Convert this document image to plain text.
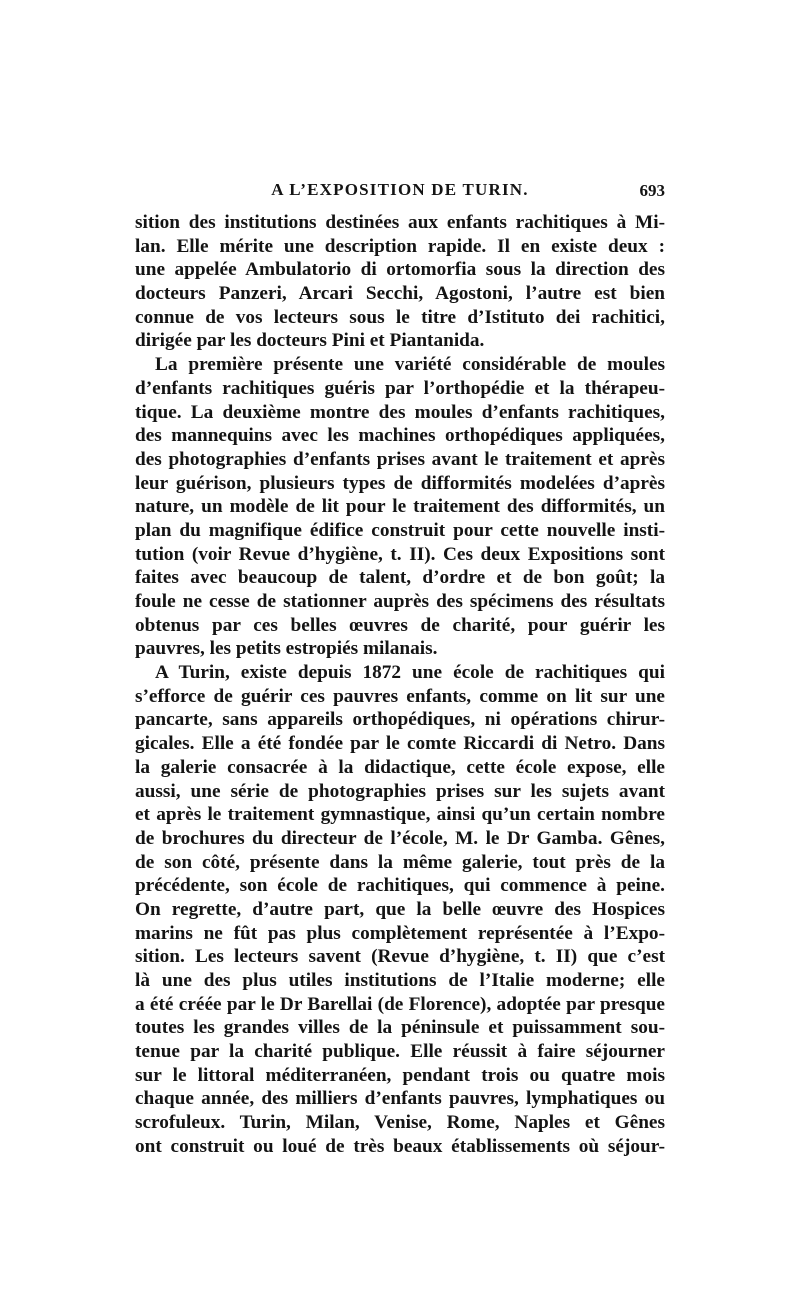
A L’EXPOSITION DE TURIN.	693
sition des institutions destinées aux enfants rachitiques à Mi-
lan. Elle mérite une description rapide. Il en existe deux :
une appelée Ambulatorio di ortomorfia sous la direction des
docteurs Panzeri, Arcari Secchi, Agostoni, l’autre est bien
connue de vos lecteurs sous le titre d’Istituto dei rachitici,
dirigée par les docteurs Pini et Piantanida.
La première présente une variété considérable de moules
d’enfants rachitiques guéris par l’orthopédie et la thérapeu-
tique. La deuxième montre des moules d’enfants rachitiques,
des mannequins avec les machines orthopédiques appliquées,
des photographies d’enfants prises avant le traitement et après
leur guérison, plusieurs types de difformités modelées d’après
nature, un modèle de lit pour le traitement des difformités, un
plan du magnifique édifice construit pour cette nouvelle insti-
tution (voir Revue d’hygiène, t. II). Ces deux Expositions sont
faites avec beaucoup de talent, d’ordre et de bon goût; la
foule ne cesse de stationner auprès des spécimens des résultats
obtenus par ces belles œuvres de charité, pour guérir les
pauvres, les petits estropiés milanais.
A Turin, existe depuis 1872 une école de rachitiques qui
s’efforce de guérir ces pauvres enfants, comme on lit sur une
pancarte, sans appareils orthopédiques, ni opérations chirur-
gicales. Elle a été fondée par le comte Riccardi di Netro. Dans
la galerie consacrée à la didactique, cette école expose, elle
aussi, une série de photographies prises sur les sujets avant
et après le traitement gymnastique, ainsi qu’un certain nombre
de brochures du directeur de l’école, M. le Dr Gamba. Gênes,
de son côté, présente dans la même galerie, tout près de la
précédente, son école de rachitiques, qui commence à peine.
On regrette, d’autre part, que la belle œuvre des Hospices
marins ne fût pas plus complètement représentée à l’Expo-
sition. Les lecteurs savent (Revue d’hygiène, t. II) que c’est
là une des plus utiles institutions de l’Italie moderne; elle
a été créée par le Dr Barellai (de Florence), adoptée par presque
toutes les grandes villes de la péninsule et puissamment sou-
tenue par la charité publique. Elle réussit à faire séjourner
sur le littoral méditerranéen, pendant trois ou quatre mois
chaque année, des milliers d’enfants pauvres, lymphatiques ou
scrofuleux. Turin, Milan, Venise, Rome, Naples et Gênes
ont construit ou loué de très beaux établissements où séjour-
